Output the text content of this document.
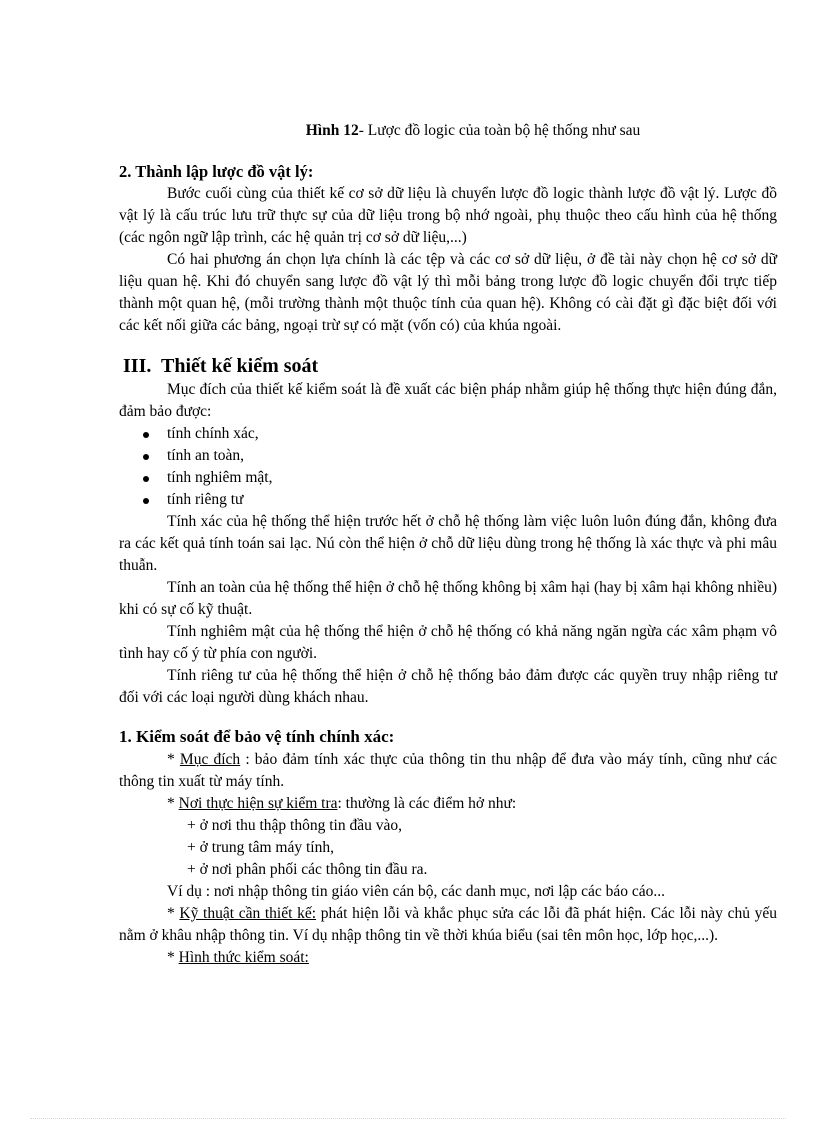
Hình 12- Lược đồ logic của toàn bộ hệ thống như sau

2. Thành lập lược đồ vật lý:

Bước cuối cùng của thiết kế cơ sở dữ liệu là chuyển lược đồ logic thành lược đồ vật lý. Lược đồ vật lý là cấu trúc lưu trữ thực sự của dữ liệu trong bộ nhớ ngoài, phụ thuộc theo cấu hình của hệ thống (các ngôn ngữ lập trình, các hệ quản trị cơ sở dữ liệu,...)

Có hai phương án chọn lựa chính là các tệp và các cơ sở dữ liệu, ở đề tài này chọn hệ cơ sở dữ liệu quan hệ. Khi đó chuyển sang lược đồ vật lý thì mỗi bảng trong lược đồ logic chuyển đổi trực tiếp thành một quan hệ, (mỗi trường thành một thuộc tính của quan hệ). Không có cài đặt gì đặc biệt đối với các kết nối giữa các bảng, ngoại trừ sự có mặt (vốn có) của khúa ngoài.

III. Thiết kế kiểm soát

Mục đích của thiết kế kiểm soát là đề xuất các biện pháp nhằm giúp hệ thống thực hiện đúng đắn, đảm bảo được:

tính chính xác,
tính an toàn,
tính nghiêm mật,
tính riêng tư

Tính xác của hệ thống thể hiện trước hết ở chỗ hệ thống làm việc luôn luôn đúng đắn, không đưa ra các kết quả tính toán sai lạc. Nú còn thể hiện ở chỗ dữ liệu dùng trong hệ thống là xác thực và phi mâu thuẫn.

Tính an toàn của hệ thống thể hiện ở chỗ hệ thống không bị xâm hại (hay bị xâm hại không nhiều) khi có sự cố kỹ thuật.

Tính nghiêm mật của hệ thống thể hiện ở chỗ hệ thống có khả năng ngăn ngừa các xâm phạm vô tình hay cố ý từ phía con người.

Tính riêng tư của hệ thống thể hiện ở chỗ hệ thống bảo đảm được các quyền truy nhập riêng tư đối với các loại người dùng khách nhau.

1. Kiểm soát để bảo vệ tính chính xác:

* Mục đích : bảo đảm tính xác thực của thông tin thu nhập để đưa vào máy tính, cũng như các thông tin xuất từ máy tính.

* Nơi thực hiện sự kiểm tra: thường là các điểm hở như:

+ ở nơi thu thập thông tin đầu vào,

+ ở trung tâm máy tính,

+ ở nơi phân phối các thông tin đầu ra.

Ví dụ : nơi nhập thông tin giáo viên cán bộ, các danh mục, nơi lập các báo cáo...

* Kỹ thuật cần thiết kế: phát hiện lỗi và khắc phục sửa các lỗi đã phát hiện. Các lỗi này chủ yếu nằm ở khâu nhập thông tin. Ví dụ nhập thông tin về thời khúa biểu (sai tên môn học, lớp học,...).

* Hình thức kiểm soát:
